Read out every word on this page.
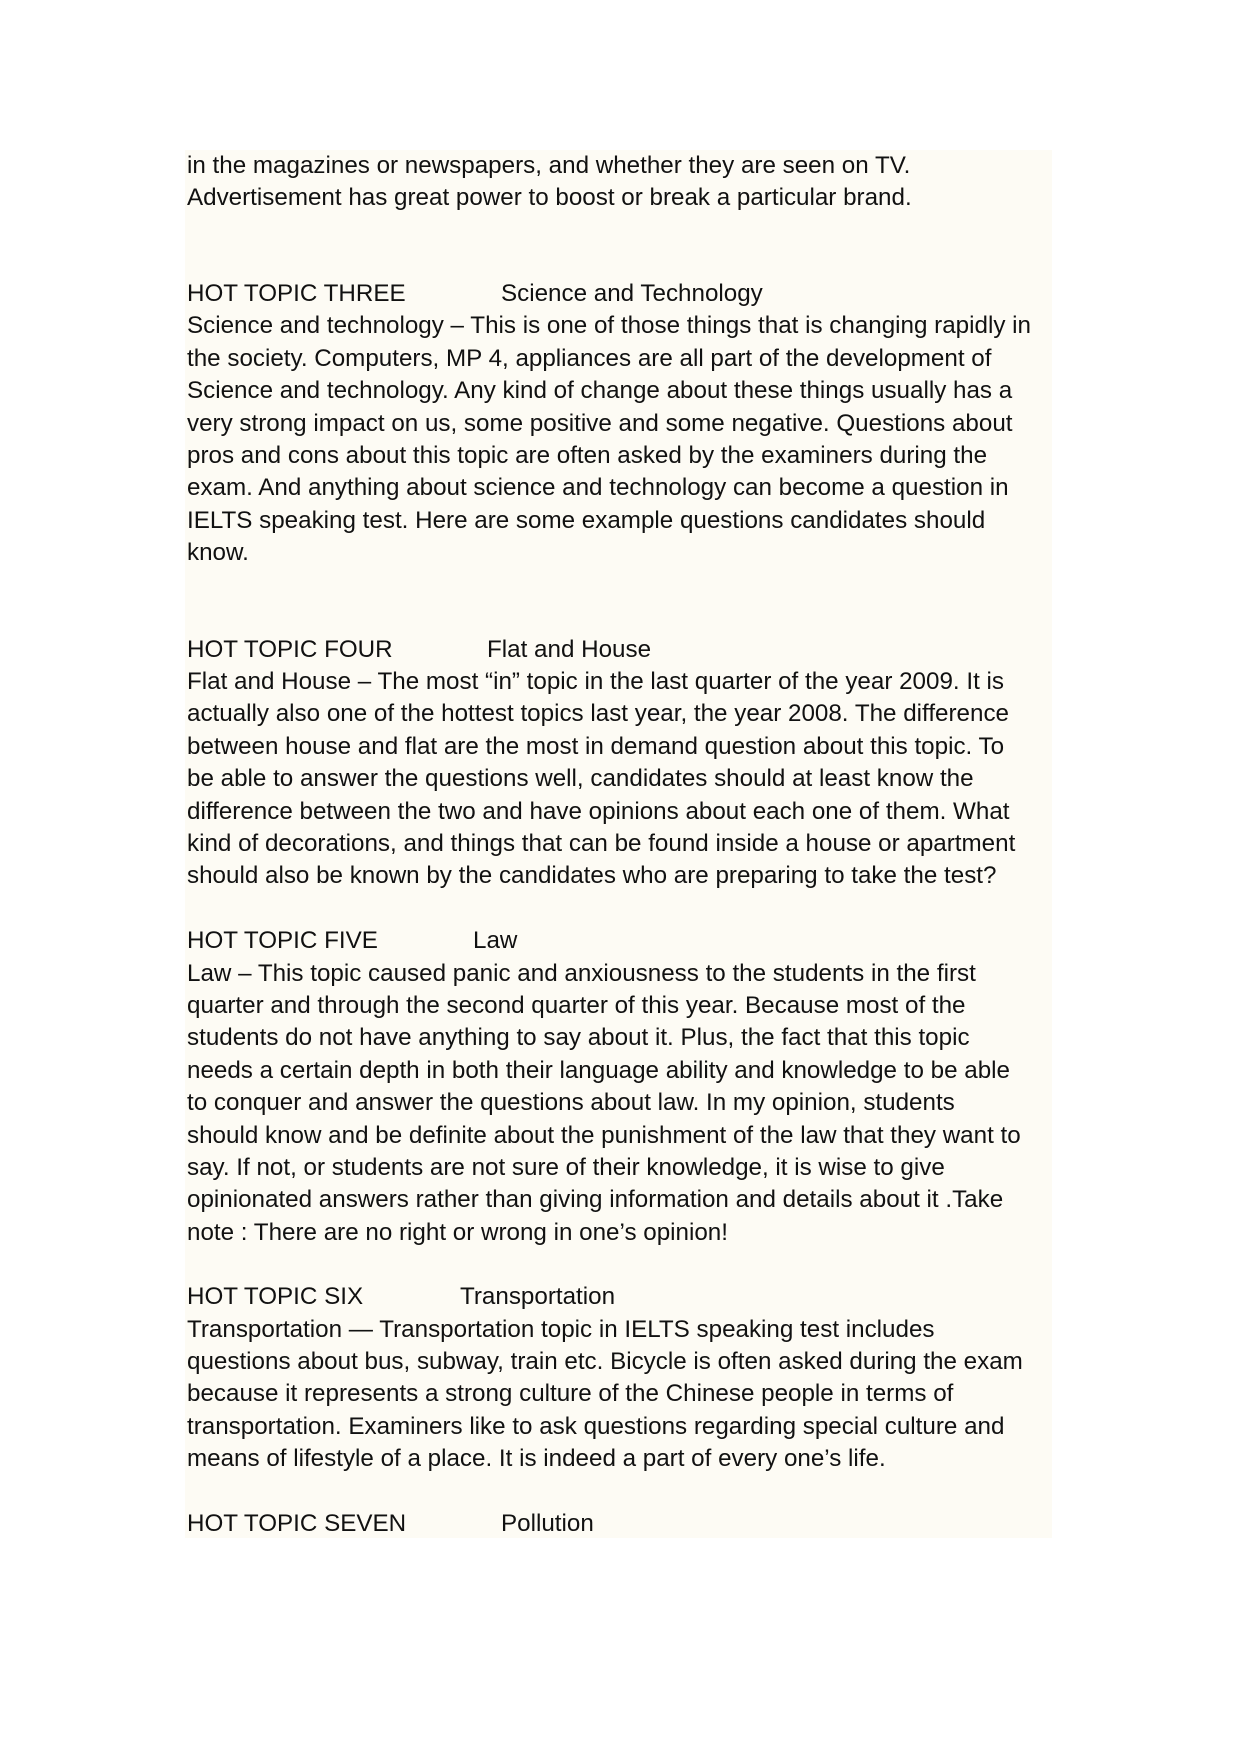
in the magazines or newspapers, and whether they are seen on TV.
Advertisement has great power to boost or break a particular brand.
HOT TOPIC THREE	Science and Technology
Science and technology – This is one of those things that is changing rapidly in
the society. Computers, MP 4, appliances are all part of the development of
Science and technology. Any kind of change about these things usually has a
very strong impact on us, some positive and some negative. Questions about
pros and cons about this topic are often asked by the examiners during the
exam. And anything about science and technology can become a question in
IELTS speaking test. Here are some example questions candidates should
know.
HOT TOPIC FOUR	Flat and House
Flat and House – The most “in” topic in the last quarter of the year 2009. It is
actually also one of the hottest topics last year, the year 2008. The difference
between house and flat are the most in demand question about this topic. To
be able to answer the questions well, candidates should at least know the
difference between the two and have opinions about each one of them. What
kind of decorations, and things that can be found inside a house or apartment
should also be known by the candidates who are preparing to take the test?
HOT TOPIC FIVE	Law
Law – This topic caused panic and anxiousness to the students in the first
quarter and through the second quarter of this year. Because most of the
students do not have anything to say about it. Plus, the fact that this topic
needs a certain depth in both their language ability and knowledge to be able
to conquer and answer the questions about law. In my opinion, students
should know and be definite about the punishment of the law that they want to
say. If not, or students are not sure of their knowledge, it is wise to give
opinionated answers rather than giving information and details about it .Take
note : There are no right or wrong in one’s opinion!
HOT TOPIC SIX	Transportation
Transportation — Transportation topic in IELTS speaking test includes
questions about bus, subway, train etc. Bicycle is often asked during the exam
because it represents a strong culture of the Chinese people in terms of
transportation. Examiners like to ask questions regarding special culture and
means of lifestyle of a place. It is indeed a part of every one’s life.
HOT TOPIC SEVEN	Pollution
